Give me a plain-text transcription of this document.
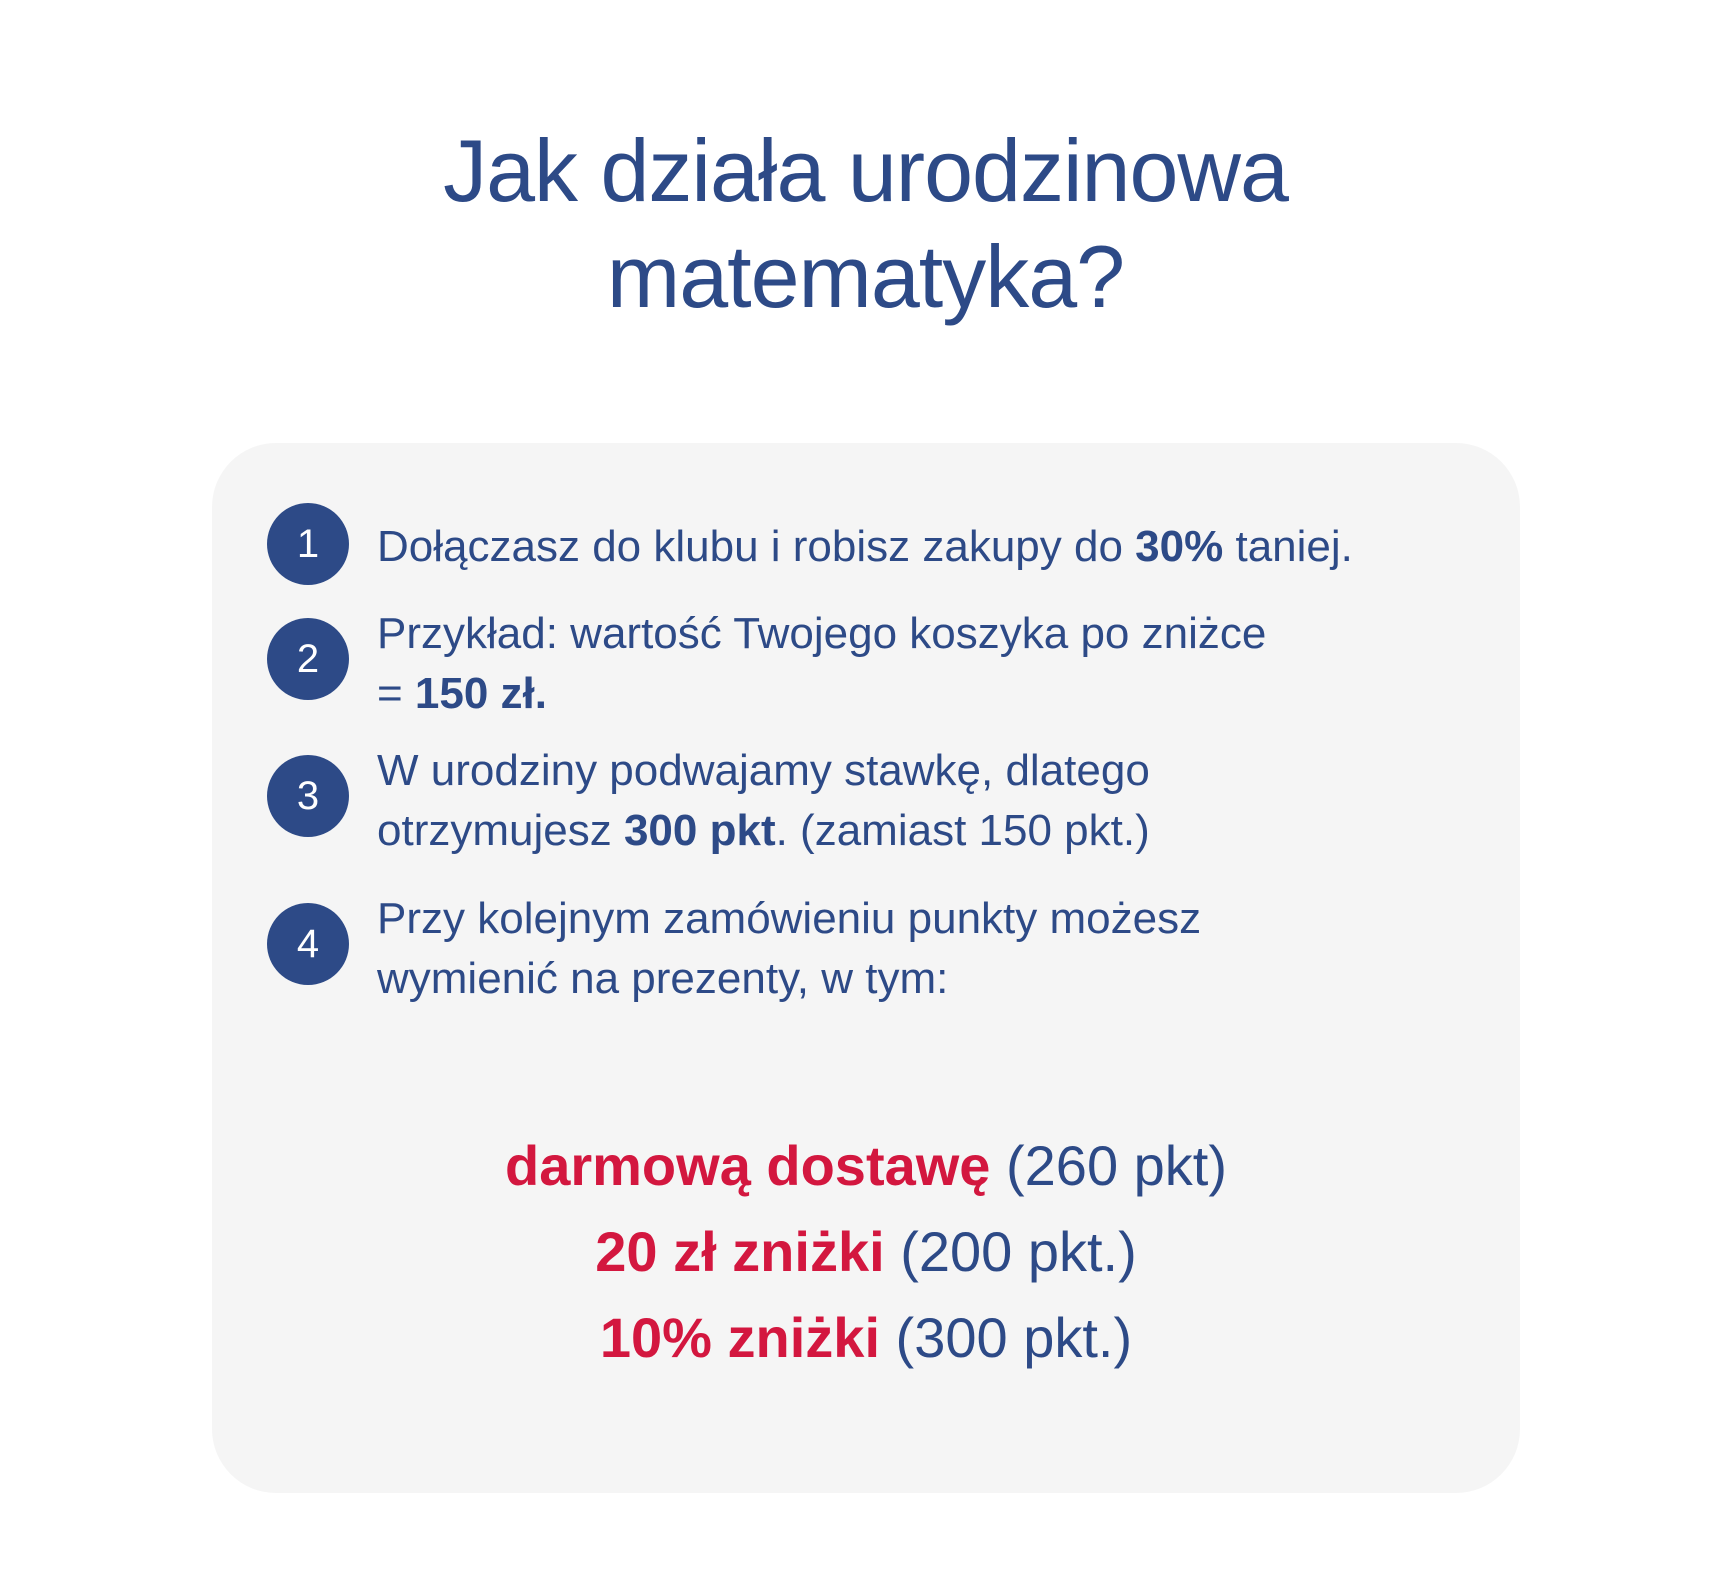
Jak działa urodzinowa
matematyka?
1	Dołączasz do klubu i robisz zakupy do 30% taniej.
2
Przykład: wartość Twojego koszyka po zniżce
= 150 zł.
3
W urodziny podwajamy stawkę, dlatego
otrzymujesz 300 pkt. (zamiast 150 pkt.)
4
Przy kolejnym zamówieniu punkty możesz
wymienić na prezenty, w tym:
darmową dostawę (260 pkt)
20 zł zniżki (200 pkt.)
10% zniżki (300 pkt.)
